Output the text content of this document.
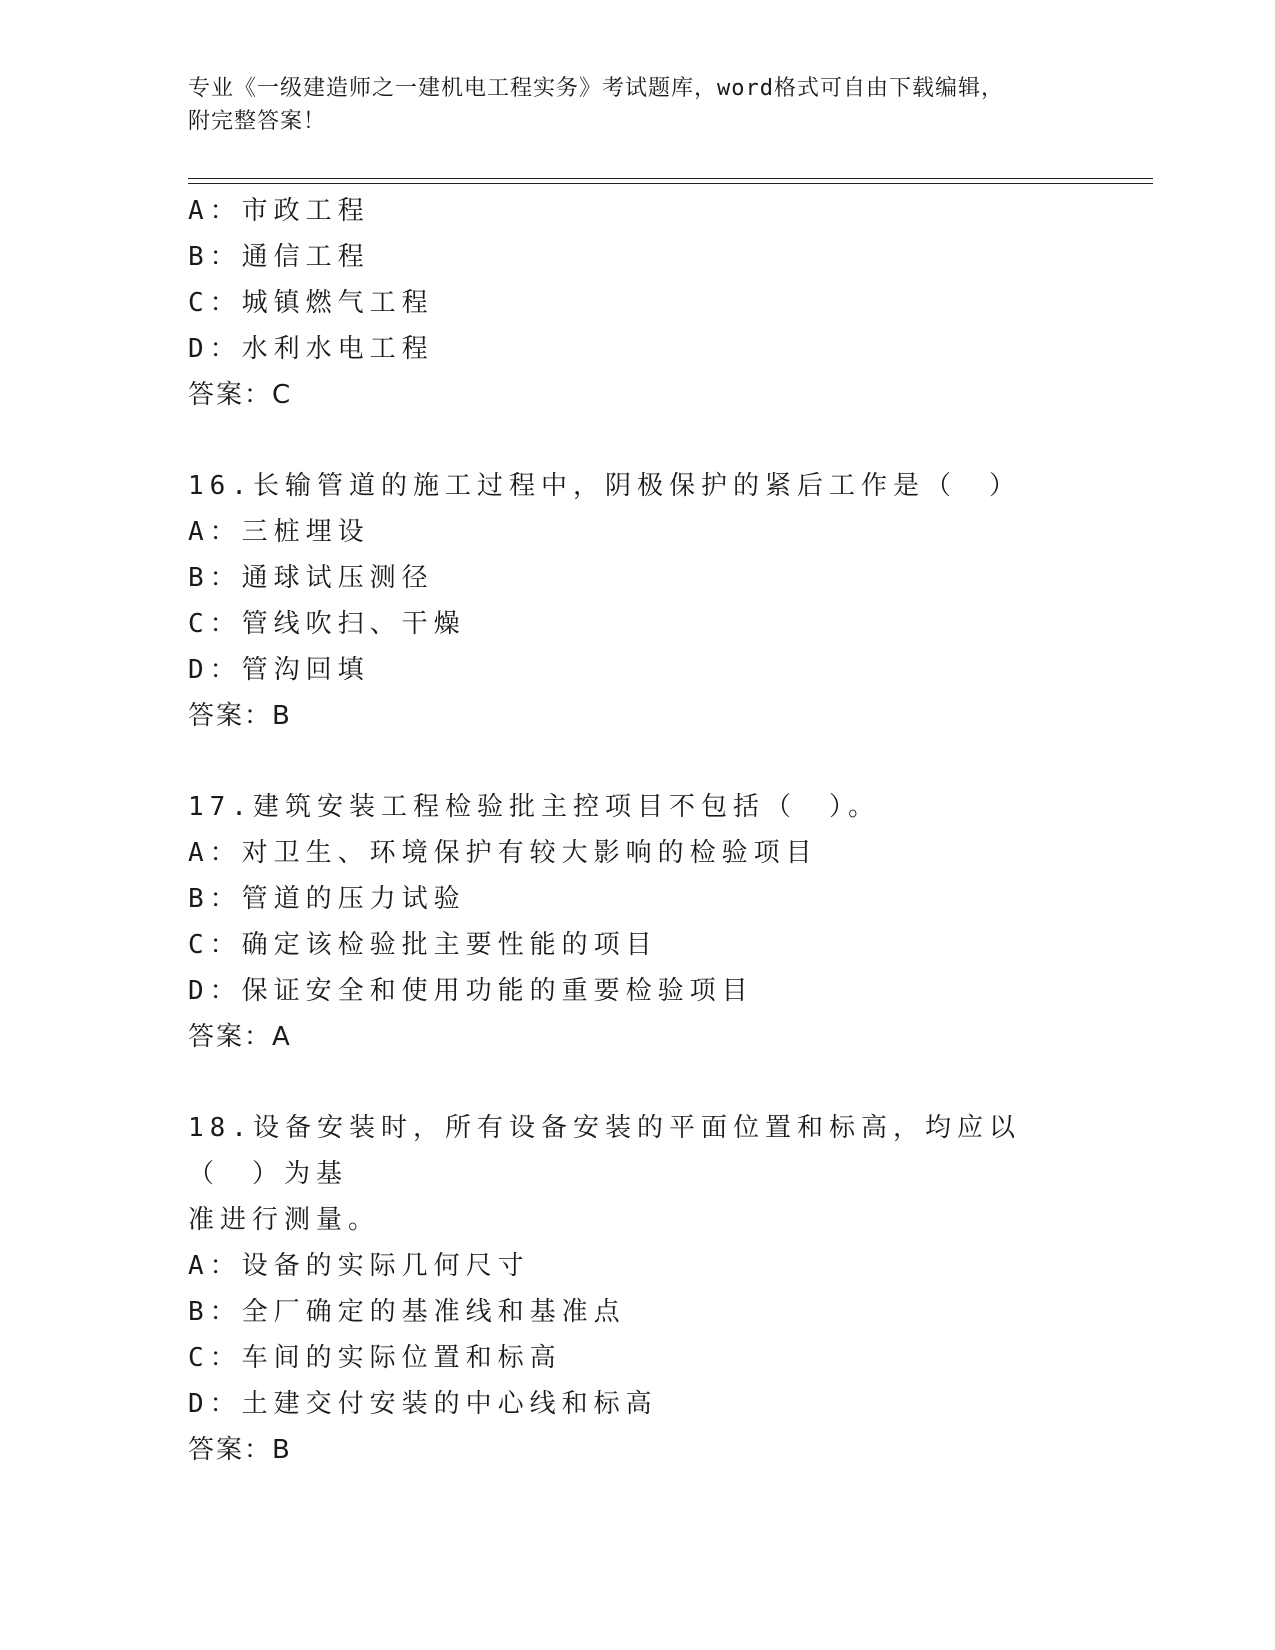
专业《一级建造师之一建机电工程实务》考试题库，word格式可自由下载编辑，
附完整答案！
A：市政工程
B：通信工程
C：城镇燃气工程
D：水利水电工程
答案：C
16.长输管道的施工过程中，阴极保护的紧后工作是（　）
A：三桩埋设
B：通球试压测径
C：管线吹扫、干燥
D：管沟回填
答案：B
17.建筑安装工程检验批主控项目不包括（　）。
A：对卫生、环境保护有较大影响的检验项目
B：管道的压力试验
C：确定该检验批主要性能的项目
D：保证安全和使用功能的重要检验项目
答案：A
18.设备安装时，所有设备安装的平面位置和标高，均应以（　）为基
准进行测量。
A：设备的实际几何尺寸
B：全厂确定的基准线和基准点
C：车间的实际位置和标高
D：土建交付安装的中心线和标高
答案：B
